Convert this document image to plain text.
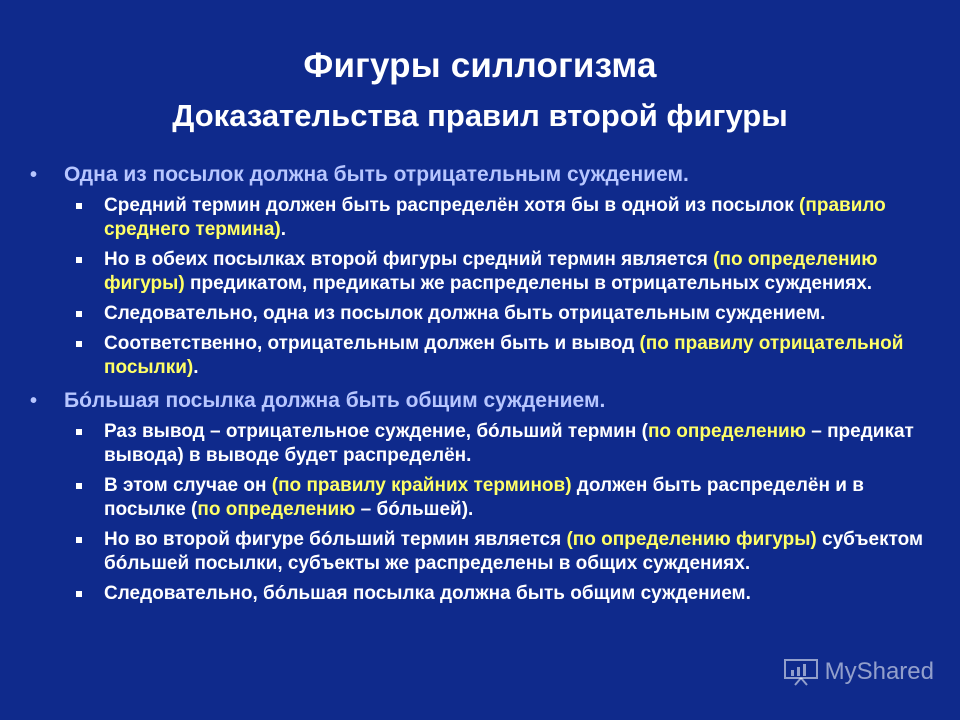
Фигуры силлогизма
Доказательства правил второй фигуры
• Одна из посылок должна быть отрицательным суждением.
Средний термин должен быть распределён хотя бы в одной из посылок (правило среднего термина).
Но в обеих посылках второй фигуры средний термин является (по определению фигуры) предикатом, предикаты же распределены в отрицательных суждениях.
Следовательно, одна из посылок должна быть отрицательным суждением.
Соответственно, отрицательным должен быть и вывод (по правилу отрицательной посылки).
• Бóльшая посылка должна быть общим суждением.
Раз вывод – отрицательное суждение, бóльший термин (по определению – предикат вывода) в выводе будет распределён.
В этом случае он (по правилу крайних терминов) должен быть распределён и в посылке (по определению – бóльшей).
Но во второй фигуре бóльший термин является (по определению фигуры) субъектом бóльшей посылки, субъекты же распределены в общих суждениях.
Следовательно, бóльшая посылка должна быть общим суждением.
MyShared
